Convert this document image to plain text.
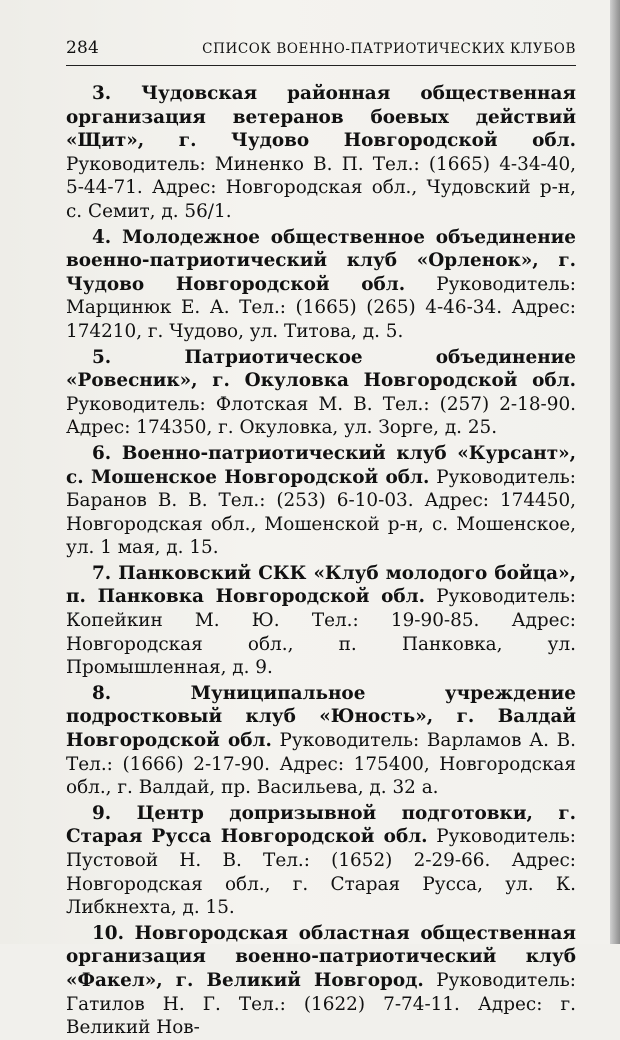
284	СПИСОК ВОЕННО-ПАТРИОТИЧЕСКИХ КЛУБОВ

3. Чудовская районная общественная организация ветеранов боевых действий «Щит», г. Чудово Новгородской обл. Руководитель: Миненко В. П. Тел.: (1665) 4-34-40, 5-44-71. Адрес: Новгородская обл., Чудовский р-н, с. Семит, д. 56/1.

4. Молодежное общественное объединение военно-патриотический клуб «Орленок», г. Чудово Новгородской обл. Руководитель: Марцинюк Е. А. Тел.: (1665) (265) 4-46-34. Адрес: 174210, г. Чудово, ул. Титова, д. 5.

5. Патриотическое объединение «Ровесник», г. Окуловка Новгородской обл. Руководитель: Флотская М. В. Тел.: (257) 2-18-90. Адрес: 174350, г. Окуловка, ул. Зорге, д. 25.

6. Военно-патриотический клуб «Курсант», с. Мошенское Новгородской обл. Руководитель: Баранов В. В. Тел.: (253) 6-10-03. Адрес: 174450, Новгородская обл., Мошенской р-н, с. Мошенское, ул. 1 мая, д. 15.

7. Панковский СКК «Клуб молодого бойца», п. Панковка Новгородской обл. Руководитель: Копейкин М. Ю. Тел.: 19-90-85. Адрес: Новгородская обл., п. Панковка, ул. Промышленная, д. 9.

8. Муниципальное учреждение подростковый клуб «Юность», г. Валдай Новгородской обл. Руководитель: Варламов А. В. Тел.: (1666) 2-17-90. Адрес: 175400, Новгородская обл., г. Валдай, пр. Васильева, д. 32 а.

9. Центр допризывной подготовки, г. Старая Русса Новгородской обл. Руководитель: Пустовой Н. В. Тел.: (1652) 2-29-66. Адрес: Новгородская обл., г. Старая Русса, ул. К. Либкнехта, д. 15.

10. Новгородская областная общественная организация военно-патриотический клуб «Факел», г. Великий Новгород. Руководитель: Гатилов Н. Г. Тел.: (1622) 7-74-11. Адрес: г. Великий Нов-
